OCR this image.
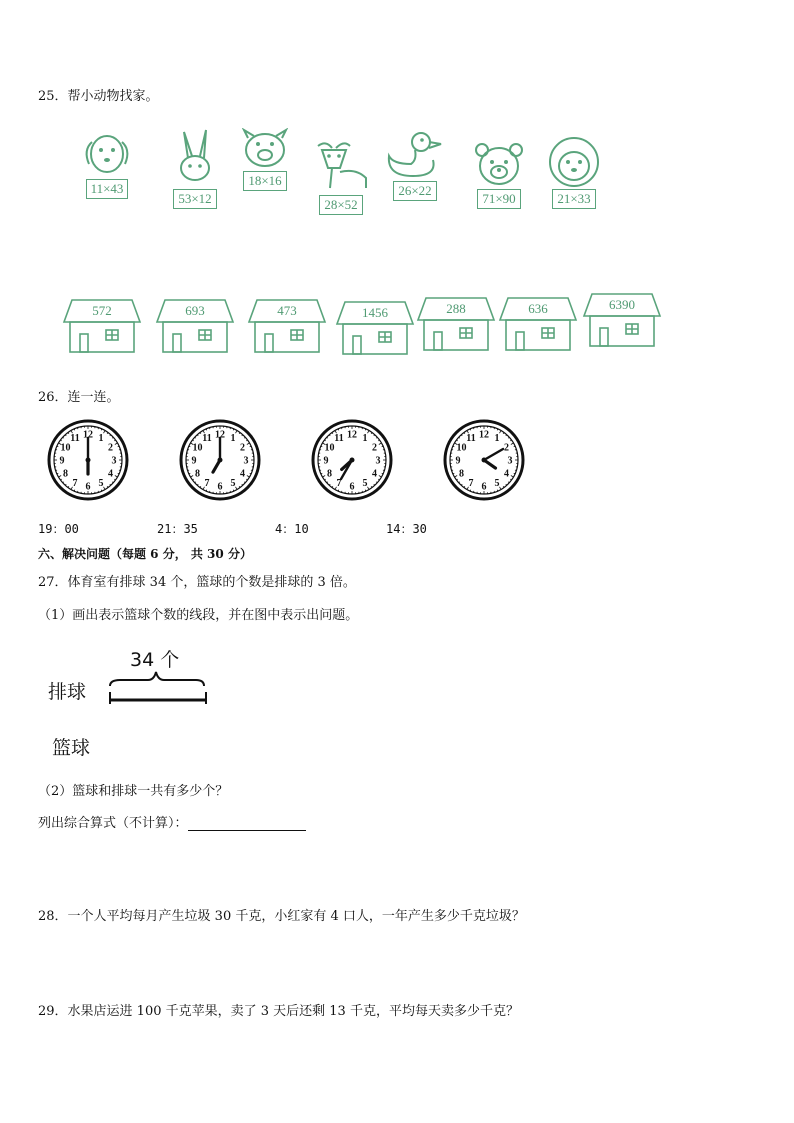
25．帮小动物找家。
11×43
53×12
18×16
28×52
26×22
71×90	21×33
572	693	473	1456	288	636	6390
26．连一连。
1
2
3
4
5
6
7
8
9
10
11 12	1
2
3
4
5
6
7
8
9
10
11 12	1
2
3
4
5
6
7
8
9
10
11 12	1
2
3
4
5
6
7
8
9
10
11 12
19：00	21：35	4：10	14：30
六、解决问题（每题 6 分， 共 30 分）
27．体育室有排球 34 个，篮球的个数是排球的 3 倍。
（1）画出表示篮球个数的线段，并在图中表示出问题。
34 个
排球
篮球
（2）篮球和排球一共有多少个？
列出综合算式（不计算）：
28．一个人平均每月产生垃圾 30 千克，小红家有 4 口人，一年产生多少千克垃圾？
29．水果店运进 100 千克苹果，卖了 3 天后还剩 13 千克，平均每天卖多少千克？
